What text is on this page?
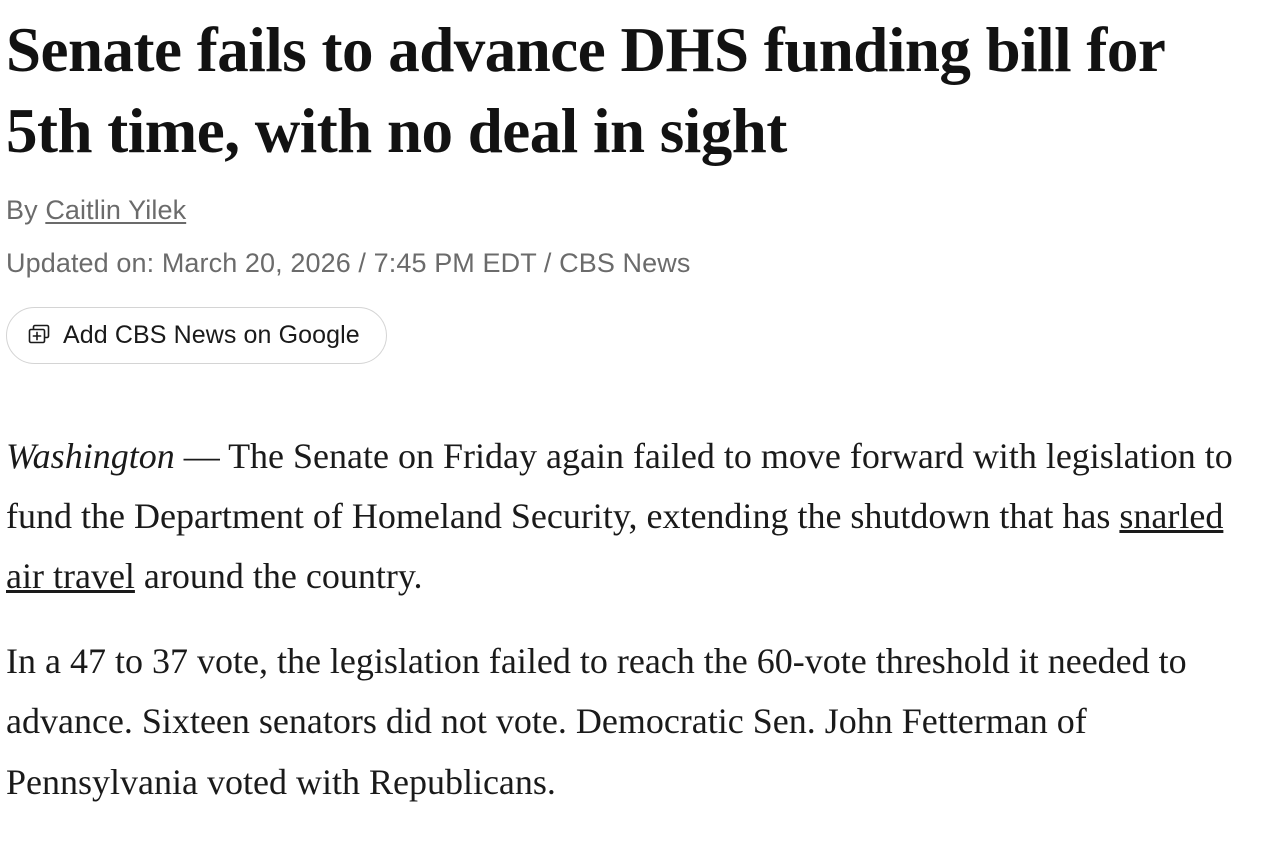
Senate fails to advance DHS funding bill for 5th time, with no deal in sight
By Caitlin Yilek
Updated on: March 20, 2026 / 7:45 PM EDT / CBS News
Add CBS News on Google

Washington — The Senate on Friday again failed to move forward with legislation to fund the Department of Homeland Security, extending the shutdown that has snarled air travel around the country.

In a 47 to 37 vote, the legislation failed to reach the 60-vote threshold it needed to advance. Sixteen senators did not vote. Democratic Sen. John Fetterman of Pennsylvania voted with Republicans.
